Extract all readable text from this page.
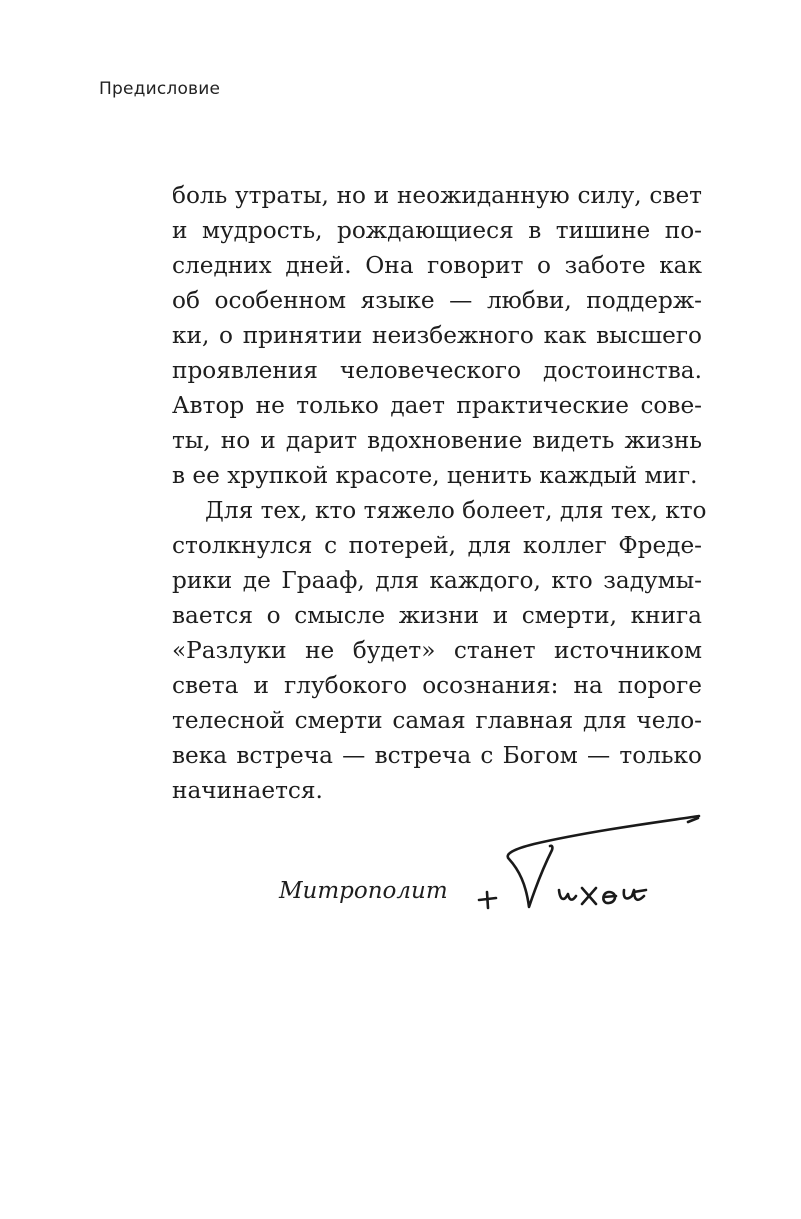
Предисловие
боль утраты, но и неожиданную силу, свет
и мудрость, рождающиеся в тишине по-
следних дней. Она говорит о заботе как
об особенном языке — любви, поддерж-
ки, о принятии неизбежного как высшего
проявления человеческого достоинства.
Автор не только дает практические сове-
ты, но и дарит вдохновение видеть жизнь
в ее хрупкой красоте, ценить каждый миг.
Для тех, кто тяжело болеет, для тех, кто
столкнулся с потерей, для коллег Фреде-
рики де Грааф, для каждого, кто задумы-
вается о смысле жизни и смерти, книга
«Разлуки не будет» станет источником
света и глубокого осознания: на пороге
телесной смерти самая главная для чело-
века встреча — встреча с Богом — только
начинается.
Митрополит
